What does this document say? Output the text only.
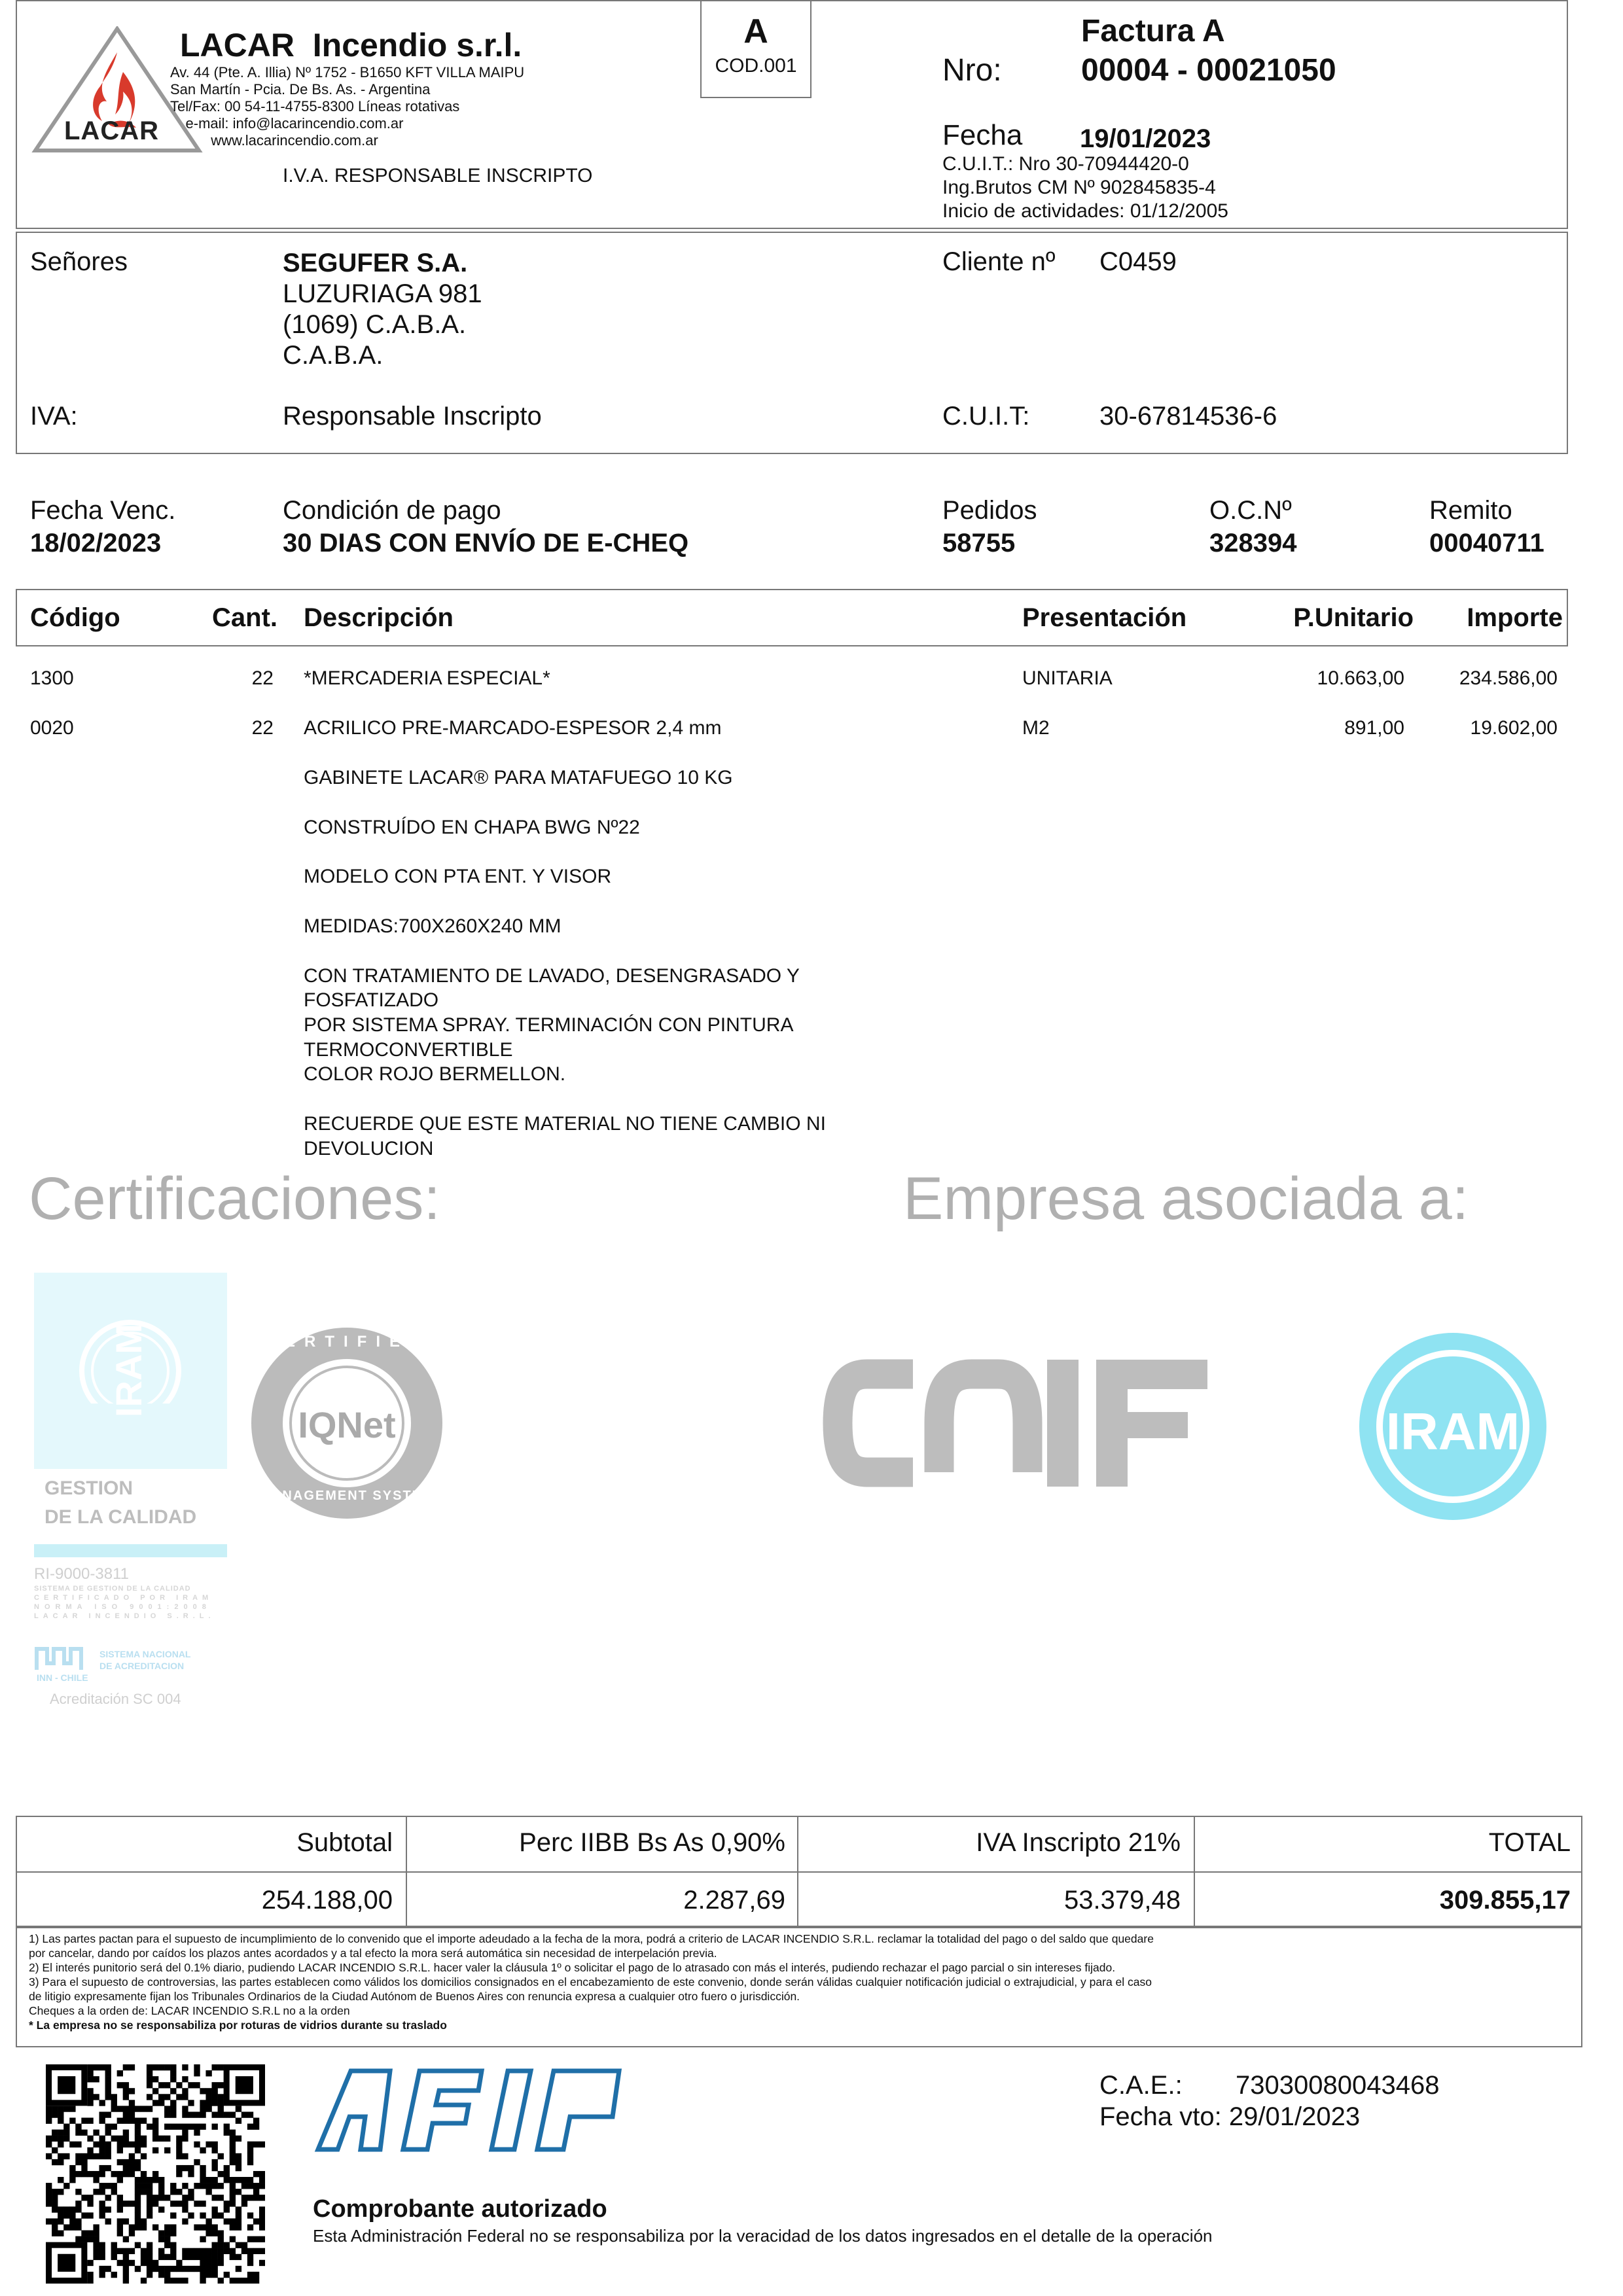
LACAR
LACAR  Incendio s.r.l.
Av. 44 (Pte. A. Illia) Nº 1752 - B1650 KFT VILLA MAIPU
San Martín - Pcia. De Bs. As. - Argentina
Tel/Fax: 00 54-11-4755-8300 Líneas rotativas
e-mail: info@lacarincendio.com.ar
www.lacarincendio.com.ar
I.V.A. RESPONSABLE INSCRIPTO
A
COD.001
Factura A
Nro:	00004 - 00021050
Fecha 19/01/2023
C.U.I.T.: Nro 30-70944420-0
Ing.Brutos CM Nº 902845835-4
Inicio de actividades: 01/12/2005
Señores	SEGUFER S.A.
LUZURIAGA 981
(1069) C.A.B.A.
C.A.B.A.
Cliente nº C0459
IVA:	Responsable Inscripto	C.U.I.T:	30-67814536-6
Fecha Venc.
18/02/2023
Condición de pago
30 DIAS CON ENVÍO DE E-CHEQ
Pedidos
58755
O.C.Nº
328394
Remito
00040711
Código	Cant. Descripción	Presentación	P.Unitario	Importe
1300	22 *MERCADERIA ESPECIAL*	UNITARIA	10.663,00	234.586,00
0020	22 ACRILICO PRE-MARCADO-ESPESOR 2,4 mm	M2	891,00	19.602,00
GABINETE LACAR® PARA MATAFUEGO 10 KG
CONSTRUÍDO EN CHAPA BWG Nº22
MODELO CON PTA ENT. Y VISOR
MEDIDAS:700X260X240 MM
CON TRATAMIENTO DE LAVADO, DESENGRASADO Y
FOSFATIZADO
POR SISTEMA SPRAY. TERMINACIÓN CON PINTURA
TERMOCONVERTIBLE
COLOR ROJO BERMELLON.
RECUERDE QUE ESTE MATERIAL NO TIENE CAMBIO NI
DEVOLUCION
Certificaciones:	Empresa asociada a:
IRAM
GESTION
DE LA CALIDAD
CERTIFIED
IQNet
MANAGEMENT SYSTEM
RI-9000-3811
SISTEMA DE GESTION DE LA CALIDAD
CERTIFICADO POR IRAM
NORMA ISO 9001:2008
LACAR INCENDIO S.R.L.
INN - CHILE
SISTEMA NACIONAL
DE ACREDITACION
Acreditación SC 004
IRAM
Subtotal	Perc IIBB Bs As 0,90%	IVA Inscripto 21%	TOTAL
254.188,00	2.287,69	53.379,48	309.855,17
1) Las partes pactan para el supuesto de incumplimiento de lo convenido que el importe adeudado a la fecha de la mora, podrá a criterio de LACAR INCENDIO S.R.L. reclamar la totalidad del pago o del saldo que quedare
por cancelar, dando por caídos los plazos antes acordados y a tal efecto la mora será automática sin necesidad de interpelación previa.
2) El interés punitorio será del 0.1% diario, pudiendo LACAR INCENDIO S.R.L. hacer valer la cláusula 1º o solicitar el pago de lo atrasado con más el interés, pudiendo rechazar el pago parcial o sin intereses fijado.
3) Para el supuesto de controversias, las partes establecen como válidos los domicilios consignados en el encabezamiento de este convenio, donde serán válidas cualquier notificación judicial o extrajudicial, y para el caso
de litigio expresamente fijan los Tribunales Ordinarios de la Ciudad Autónom de Buenos Aires con renuncia expresa a cualquier otro fuero o jurisdicción.
Cheques a la orden de: LACAR INCENDIO S.R.L no a la orden
* La empresa no se responsabiliza por roturas de vidrios durante su traslado
C.A.E.: 73030080043468
Fecha vto: 29/01/2023
Comprobante autorizado
Esta Administración Federal no se responsabiliza por la veracidad de los datos ingresados en el detalle de la operación
